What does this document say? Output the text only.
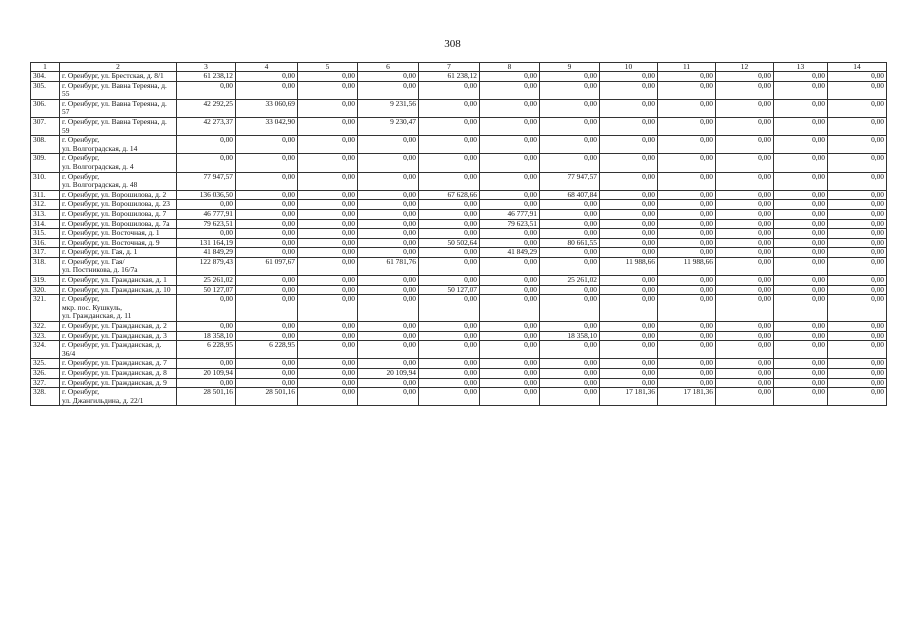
308
1	2	3	4	5	6	7	8	9	10	11	12	13	14
304.	г. Оренбург, ул. Брестская, д. 8/1	61 238,12	0,00	0,00	0,00	61 238,12	0,00	0,00	0,00	0,00	0,00	0,00	0,00
305.	г. Оренбург, ул. Вавна Тереяна, д. 55	0,00	0,00	0,00	0,00	0,00	0,00	0,00	0,00	0,00	0,00	0,00	0,00
306.	г. Оренбург, ул. Вавна Тереяна, д. 57	42 292,25	33 060,69	0,00	9 231,56	0,00	0,00	0,00	0,00	0,00	0,00	0,00	0,00
307.	г. Оренбург, ул. Вавна Тереяна, д. 59	42 273,37	33 042,90	0,00	9 230,47	0,00	0,00	0,00	0,00	0,00	0,00	0,00	0,00
308.	г. Оренбург,
ул. Волгоградская, д. 14	0,00	0,00	0,00	0,00	0,00	0,00	0,00	0,00	0,00	0,00	0,00	0,00
309.	г. Оренбург,
ул. Волгоградская, д. 4	0,00	0,00	0,00	0,00	0,00	0,00	0,00	0,00	0,00	0,00	0,00	0,00
310.	г. Оренбург,
ул. Волгоградская, д. 48	77 947,57	0,00	0,00	0,00	0,00	0,00	77 947,57	0,00	0,00	0,00	0,00	0,00
311.	г. Оренбург, ул. Ворошилова, д. 2	136 036,50	0,00	0,00	0,00	67 628,66	0,00	68 407,84	0,00	0,00	0,00	0,00	0,00
312.	г. Оренбург, ул. Ворошилова, д. 23	0,00	0,00	0,00	0,00	0,00	0,00	0,00	0,00	0,00	0,00	0,00	0,00
313.	г. Оренбург, ул. Ворошилова, д. 7	46 777,91	0,00	0,00	0,00	0,00	46 777,91	0,00	0,00	0,00	0,00	0,00	0,00
314.	г. Оренбург, ул. Ворошилова, д. 7а	79 623,51	0,00	0,00	0,00	0,00	79 623,51	0,00	0,00	0,00	0,00	0,00	0,00
315.	г. Оренбург, ул. Восточная, д. 1	0,00	0,00	0,00	0,00	0,00	0,00	0,00	0,00	0,00	0,00	0,00	0,00
316.	г. Оренбург, ул. Восточная, д. 9	131 164,19	0,00	0,00	0,00	50 502,64	0,00	80 661,55	0,00	0,00	0,00	0,00	0,00
317.	г. Оренбург, ул. Гая, д. 1	41 849,29	0,00	0,00	0,00	0,00	41 849,29	0,00	0,00	0,00	0,00	0,00	0,00
318.	г. Оренбург, ул. Гая/
ул. Постникова, д. 16/7а	122 879,43	61 097,67	0,00	61 781,76	0,00	0,00	0,00	11 988,66	11 988,66	0,00	0,00	0,00
319.	г. Оренбург, ул. Гражданская, д. 1	25 261,02	0,00	0,00	0,00	0,00	0,00	25 261,02	0,00	0,00	0,00	0,00	0,00
320.	г. Оренбург, ул. Гражданская, д. 10	50 127,07	0,00	0,00	0,00	50 127,07	0,00	0,00	0,00	0,00	0,00	0,00	0,00
321.	г. Оренбург,
мкр. пос. Кушкуль,
ул. Гражданская, д. 11	0,00	0,00	0,00	0,00	0,00	0,00	0,00	0,00	0,00	0,00	0,00	0,00
322.	г. Оренбург, ул. Гражданская, д. 2	0,00	0,00	0,00	0,00	0,00	0,00	0,00	0,00	0,00	0,00	0,00	0,00
323.	г. Оренбург, ул. Гражданская, д. 3	18 358,10	0,00	0,00	0,00	0,00	0,00	18 358,10	0,00	0,00	0,00	0,00	0,00
324.	г. Оренбург, ул. Гражданская, д. 36/4	6 228,95	6 228,95	0,00	0,00	0,00	0,00	0,00	0,00	0,00	0,00	0,00	0,00
325.	г. Оренбург, ул. Гражданская, д. 7	0,00	0,00	0,00	0,00	0,00	0,00	0,00	0,00	0,00	0,00	0,00	0,00
326.	г. Оренбург, ул. Гражданская, д. 8	20 109,94	0,00	0,00	20 109,94	0,00	0,00	0,00	0,00	0,00	0,00	0,00	0,00
327.	г. Оренбург, ул. Гражданская, д. 9	0,00	0,00	0,00	0,00	0,00	0,00	0,00	0,00	0,00	0,00	0,00	0,00
328.	г. Оренбург,
ул. Джангильдина, д. 22/1	28 501,16	28 501,16	0,00	0,00	0,00	0,00	0,00	17 181,36	17 181,36	0,00	0,00	0,00
